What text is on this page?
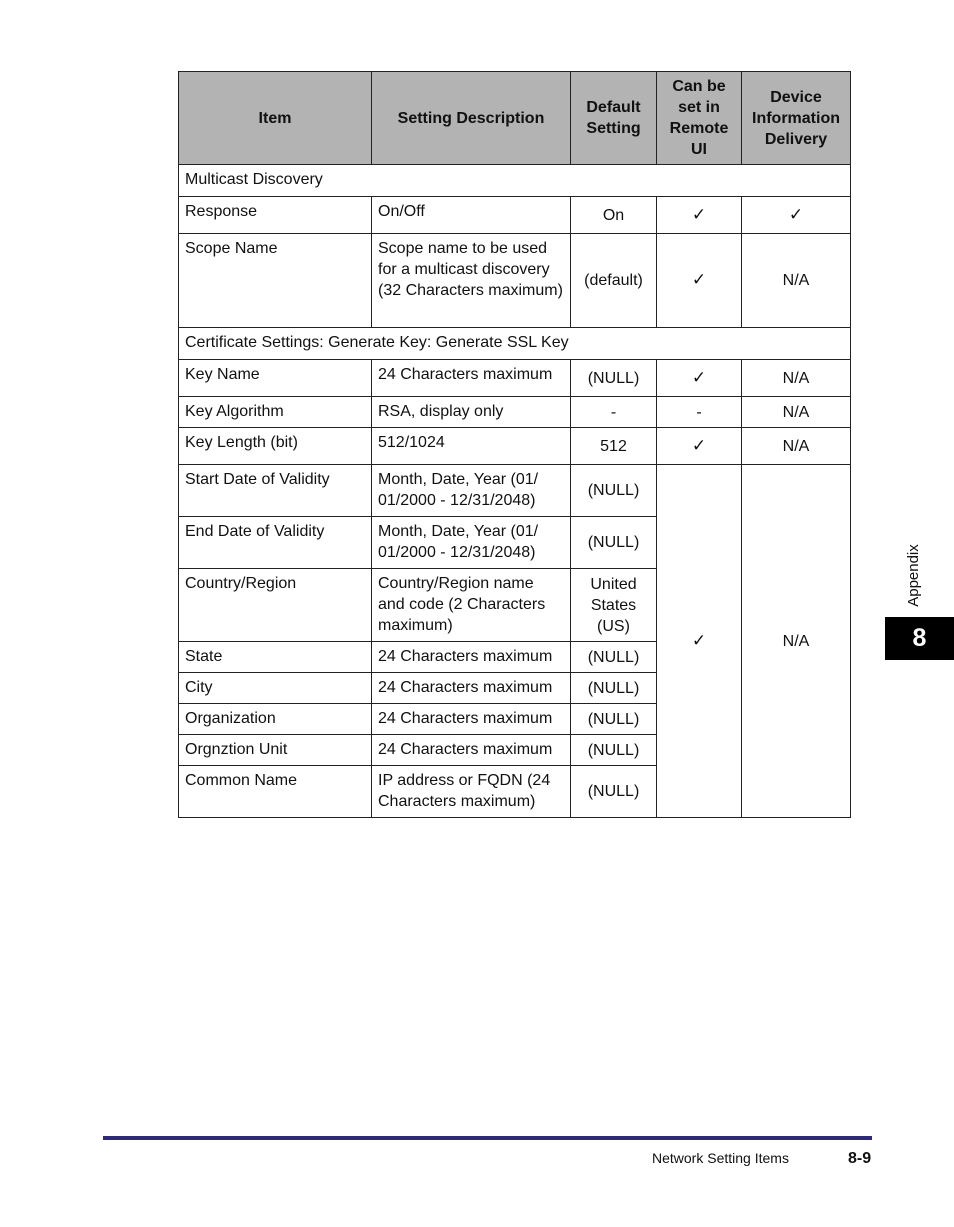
Item	Setting Description	Default Setting	Can be set in Remote UI	Device Information Delivery
Multicast Discovery				
Response	On/Off	On	✓	✓
Scope Name	Scope name to be used for a multicast discovery (32 Characters maximum)	(default)	✓	N/A
Certificate Settings: Generate Key: Generate SSL Key				
Key Name	24 Characters maximum	(NULL)	✓	N/A
Key Algorithm	RSA, display only	-	-	N/A
Key Length (bit)	512/1024	512	✓	N/A
Start Date of Validity	Month, Date, Year (01/ 01/2000 - 12/31/2048)	(NULL)	✓	N/A
End Date of Validity	Month, Date, Year (01/ 01/2000 - 12/31/2048)	(NULL)		
Country/Region	Country/Region name and code (2 Characters maximum)	United States (US)		
State	24 Characters maximum	(NULL)		
City	24 Characters maximum	(NULL)		
Organization	24 Characters maximum	(NULL)		
Orgnztion Unit	24 Characters maximum	(NULL)		
Common Name	IP address or FQDN (24 Characters maximum)	(NULL)		
Appendix
8
Network Setting Items	8-9
